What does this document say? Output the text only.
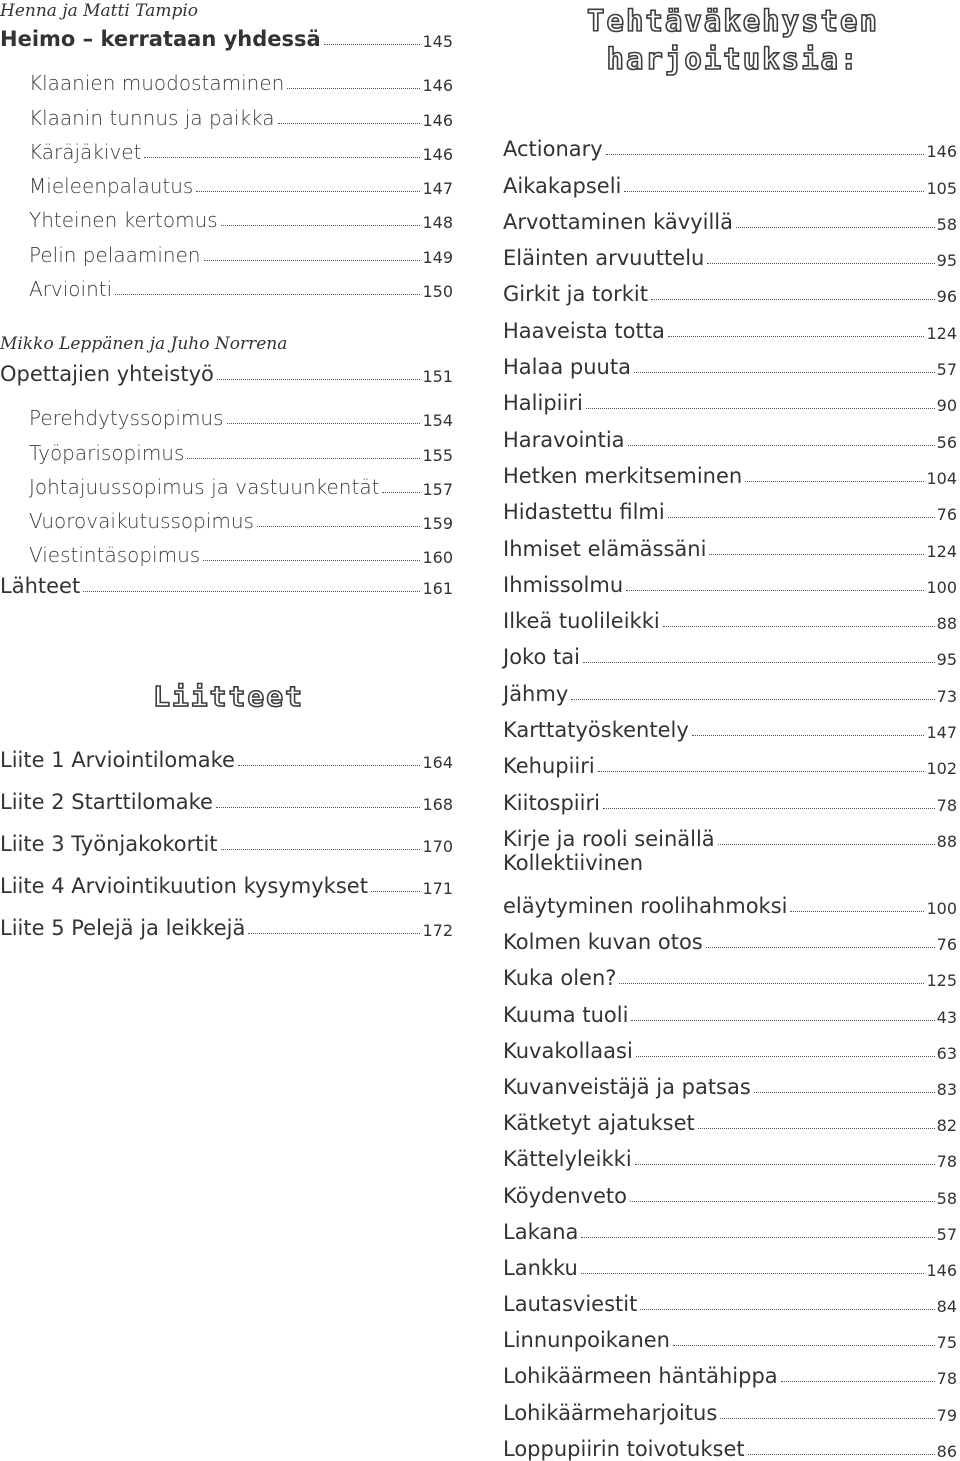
Henna ja Matti Tampio
Heimo – kerrataan yhdessä	145
Klaanien muodostaminen	146
Klaanin tunnus ja paikka	146
Käräjäkivet	146
Mieleenpalautus	147
Yhteinen kertomus	148
Pelin pelaaminen	149
Arviointi	150
Mikko Leppänen ja Juho Norrena
Opettajien yhteistyö	151
Perehdytyssopimus	154
Työparisopimus	155
Johtajuussopimus ja vastuunkentät	157
Vuorovaikutussopimus	159
Viestintäsopimus	160
Lähteet	161
Liitteet
Liite 1 Arviointilomake	164
Liite 2 Starttilomake	168
Liite 3 Työnjakokortit	170
Liite 4 Arviointikuution kysymykset	171
Liite 5 Pelejä ja leikkejä	172
Tehtäväkehysten
harjoituksia:
Actionary	146
Aikakapseli	105
Arvottaminen kävyillä	58
Eläinten arvuuttelu	95
Girkit ja torkit	96
Haaveista totta	124
Halaa puuta	57
Halipiiri	90
Haravointia	56
Hetken merkitseminen	104
Hidastettu filmi	76
Ihmiset elämässäni	124
Ihmissolmu	100
Ilkeä tuolileikki	88
Joko tai	95
Jähmy	73
Karttatyöskentely	147
Kehupiiri	102
Kiitospiiri	78
Kirje ja rooli seinällä	88
Kollektiivinen
eläytyminen roolihahmoksi	100
Kolmen kuvan otos	76
Kuka olen?	125
Kuuma tuoli	43
Kuvakollaasi	63
Kuvanveistäjä ja patsas	83
Kätketyt ajatukset	82
Kättelyleikki	78
Köydenveto	58
Lakana	57
Lankku	146
Lautasviestit	84
Linnunpoikanen	75
Lohikäärmeen häntähippa	78
Lohikäärmeharjoitus	79
Loppupiirin toivotukset	86
